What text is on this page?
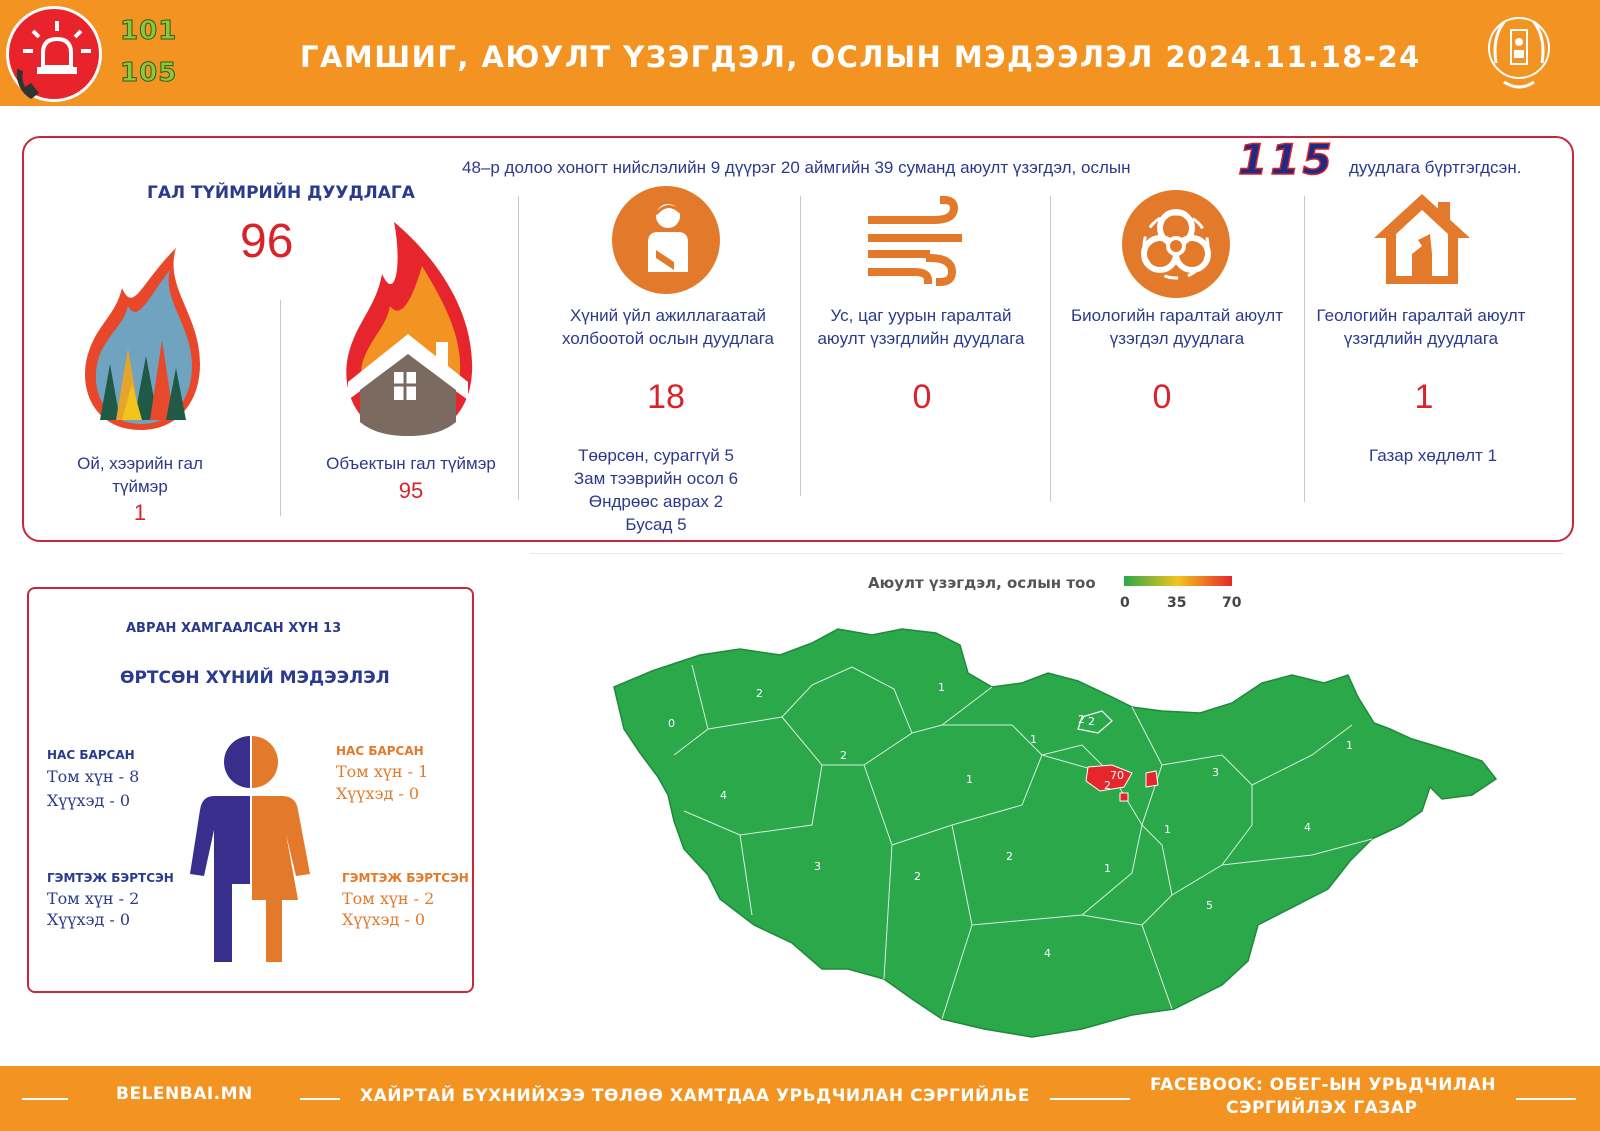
101
105	ГАМШИГ, АЮУЛТ ҮЗЭГДЭЛ, ОСЛЫН МЭДЭЭЛЭЛ 2024.11.18-24
48–р долоо хоногт нийслэлийн 9 дүүрэг 20 аймгийн 39 суманд аюулт үзэгдэл, ослын	115 дуудлага бүртгэгдсэн.
ГАЛ ТҮЙМРИЙН ДУУДЛАГА
96
Ой, хээрийн гал түймэр
1
Объектын гал түймэр
95
Хүний үйл ажиллагаатай холбоотой ослын дуудлага
18
Төөрсөн, сураггүй 5
Зам тээврийн осол 6
Өндрөөс аврах 2
Бусад 5
Ус, цаг уурын гаралтай аюулт үзэгдлийн дуудлага
0
Биологийн гаралтай аюулт үзэгдэл дуудлага
0
Геологийн гаралтай аюулт үзэгдлийн дуудлага
1
Газар хөдлөлт 1
АВРАН ХАМГААЛСАН ХҮН 13
ӨРТСӨН ХҮНИЙ МЭДЭЭЛЭЛ
НАС БАРСАН
Том хүн - 8
Хүүхэд - 0
ГЭМТЭЖ БЭРТСЭН
Том хүн - 2
Хүүхэд - 0
НАС БАРСАН
Том хүн - 1
Хүүхэд - 0
ГЭМТЭЖ БЭРТСЭН
Том хүн - 2
Хүүхэд - 0
Аюулт үзэгдэл, ослын тоо
0	35	70
0
2	1
2
1
2
1
4
2
1
3
3
2
2
1
1
4
5
4
70
2
BELENBAI.MN	ХАЙРТАЙ БҮХНИЙХЭЭ ТӨЛӨӨ ХАМТДАА УРЬДЧИЛАН СЭРГИЙЛЬЕ
FACEBOOK: ОБЕГ-ЫН УРЬДЧИЛАН
СЭРГИЙЛЭХ ГАЗАР
